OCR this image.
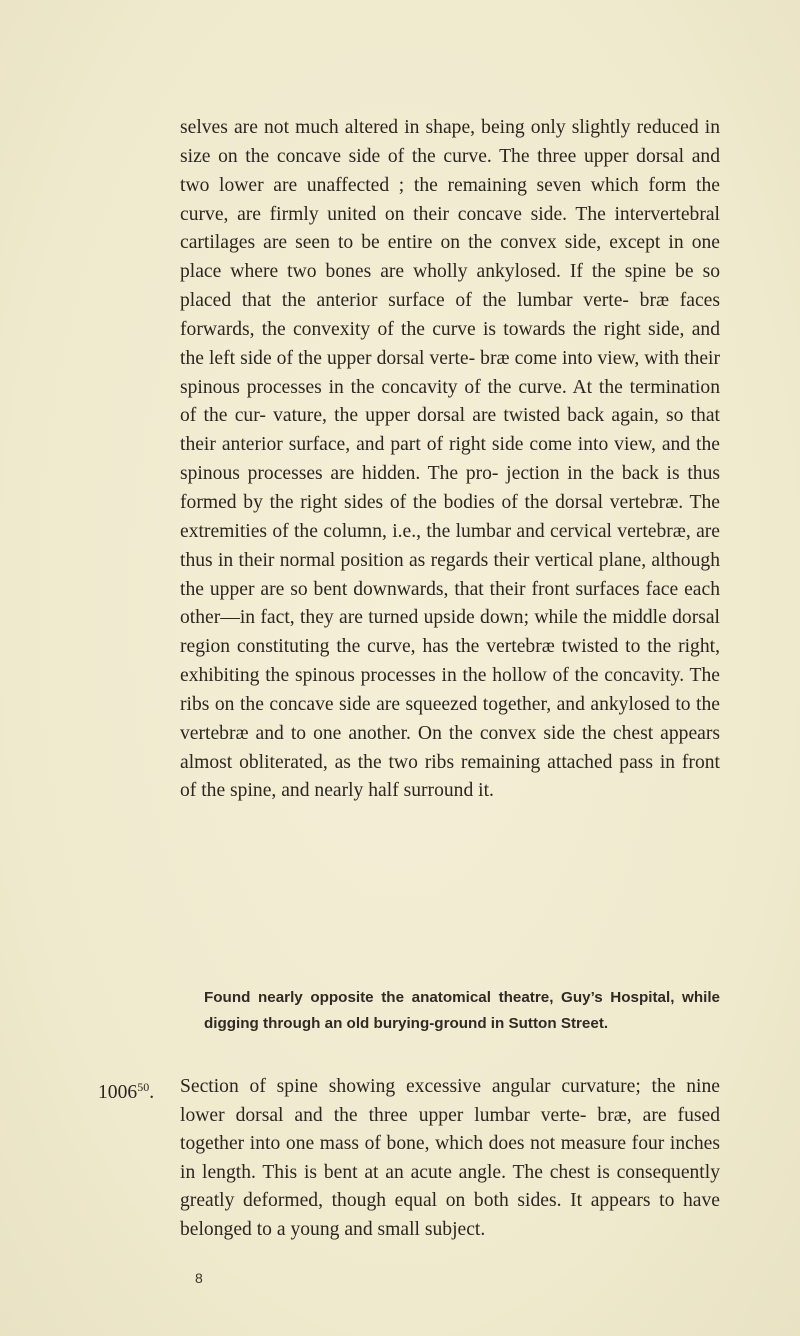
selves are not much altered in shape, being only slightly reduced in size on the concave side of the curve. The three upper dorsal and two lower are unaffected ; the remaining seven which form the curve, are firmly united on their concave side. The intervertebral cartilages are seen to be entire on the convex side, except in one place where two bones are wholly ankylosed. If the spine be so placed that the anterior surface of the lumbar verte- bræ faces forwards, the convexity of the curve is towards the right side, and the left side of the upper dorsal verte- bræ come into view, with their spinous processes in the concavity of the curve. At the termination of the cur- vature, the upper dorsal are twisted back again, so that their anterior surface, and part of right side come into view, and the spinous processes are hidden. The pro- jection in the back is thus formed by the right sides of the bodies of the dorsal vertebræ. The extremities of the column, i.e., the lumbar and cervical vertebræ, are thus in their normal position as regards their vertical plane, although the upper are so bent downwards, that their front surfaces face each other—in fact, they are turned upside down; while the middle dorsal region constituting the curve, has the vertebræ twisted to the right, exhibiting the spinous processes in the hollow of the concavity. The ribs on the concave side are squeezed together, and ankylosed to the vertebræ and to one another. On the convex side the chest appears almost obliterated, as the two ribs remaining attached pass in front of the spine, and nearly half surround it.

Found nearly opposite the anatomical theatre, Guy’s Hospital, while digging through an old burying-ground in Sutton Street.

1006$^{50}$. Section of spine showing excessive angular curvature; the nine lower dorsal and the three upper lumbar verte- bræ, are fused together into one mass of bone, which does not measure four inches in length. This is bent at an acute angle. The chest is consequently greatly deformed, though equal on both sides. It appears to have belonged to a young and small subject.
8
